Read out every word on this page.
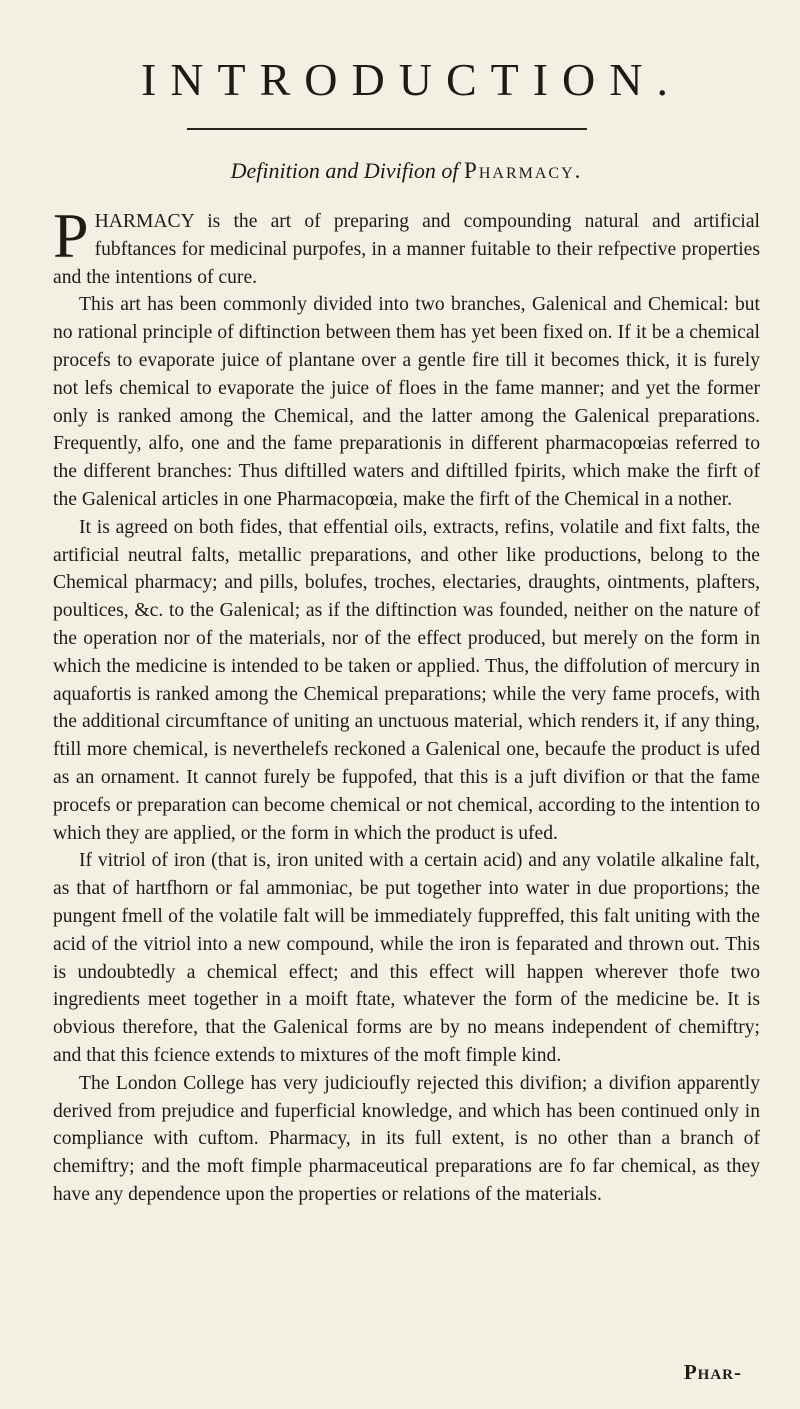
INTRODUCTION.
Definition and Divifion of Pharmacy.

PHARMACY is the art of preparing and compounding natural and artificial fubftances for medicinal purpofes, in a manner fuitable to their refpective properties and the intentions of cure.

This art has been commonly divided into two branches, Galenical and Chemical: but no rational principle of diftinction between them has yet been fixed on. If it be a chemical procefs to evaporate juice of plantane over a gentle fire till it becomes thick, it is furely not lefs chemical to evaporate the juice of floes in the fame manner; and yet the former only is ranked among the Chemical, and the latter among the Galenical preparations. Frequently, alfo, one and the fame preparationis in different pharmacopœias referred to the different branches: Thus diftilled waters and diftilled fpirits, which make the firft of the Galenical articles in one Pharmacopœia, make the firft of the Chemical in a nother.

It is agreed on both fides, that effential oils, extracts, refins, volatile and fixt falts, the artificial neutral falts, metallic preparations, and other like productions, belong to the Chemical pharmacy; and pills, bolufes, troches, electaries, draughts, ointments, plafters, poultices, &c. to the Galenical; as if the diftinction was founded, neither on the nature of the operation nor of the materials, nor of the effect produced, but merely on the form in which the medicine is intended to be taken or applied. Thus, the diffolution of mercury in aquafortis is ranked among the Chemical preparations; while the very fame procefs, with the additional circumftance of uniting an unctuous material, which renders it, if any thing, ftill more chemical, is neverthelefs reckoned a Galenical one, becaufe the product is ufed as an ornament. It cannot furely be fuppofed, that this is a juft divifion or that the fame procefs or preparation can become chemical or not chemical, according to the intention to which they are applied, or the form in which the product is ufed.

If vitriol of iron (that is, iron united with a certain acid) and any volatile alkaline falt, as that of hartfhorn or fal ammoniac, be put together into water in due proportions; the pungent fmell of the volatile falt will be immediately fuppreffed, this falt uniting with the acid of the vitriol into a new compound, while the iron is feparated and thrown out. This is undoubtedly a chemical effect; and this effect will happen wherever thofe two ingredients meet together in a moift ftate, whatever the form of the medicine be. It is obvious therefore, that the Galenical forms are by no means independent of chemiftry; and that this fcience extends to mixtures of the moft fimple kind.

The London College has very judicioufly rejected this divifion; a divifion apparently derived from prejudice and fuperficial knowledge, and which has been continued only in compliance with cuftom. Pharmacy, in its full extent, is no other than a branch of chemiftry; and the moft fimple pharmaceutical preparations are fo far chemical, as they have any dependence upon the properties or relations of the materials.

Phar-
